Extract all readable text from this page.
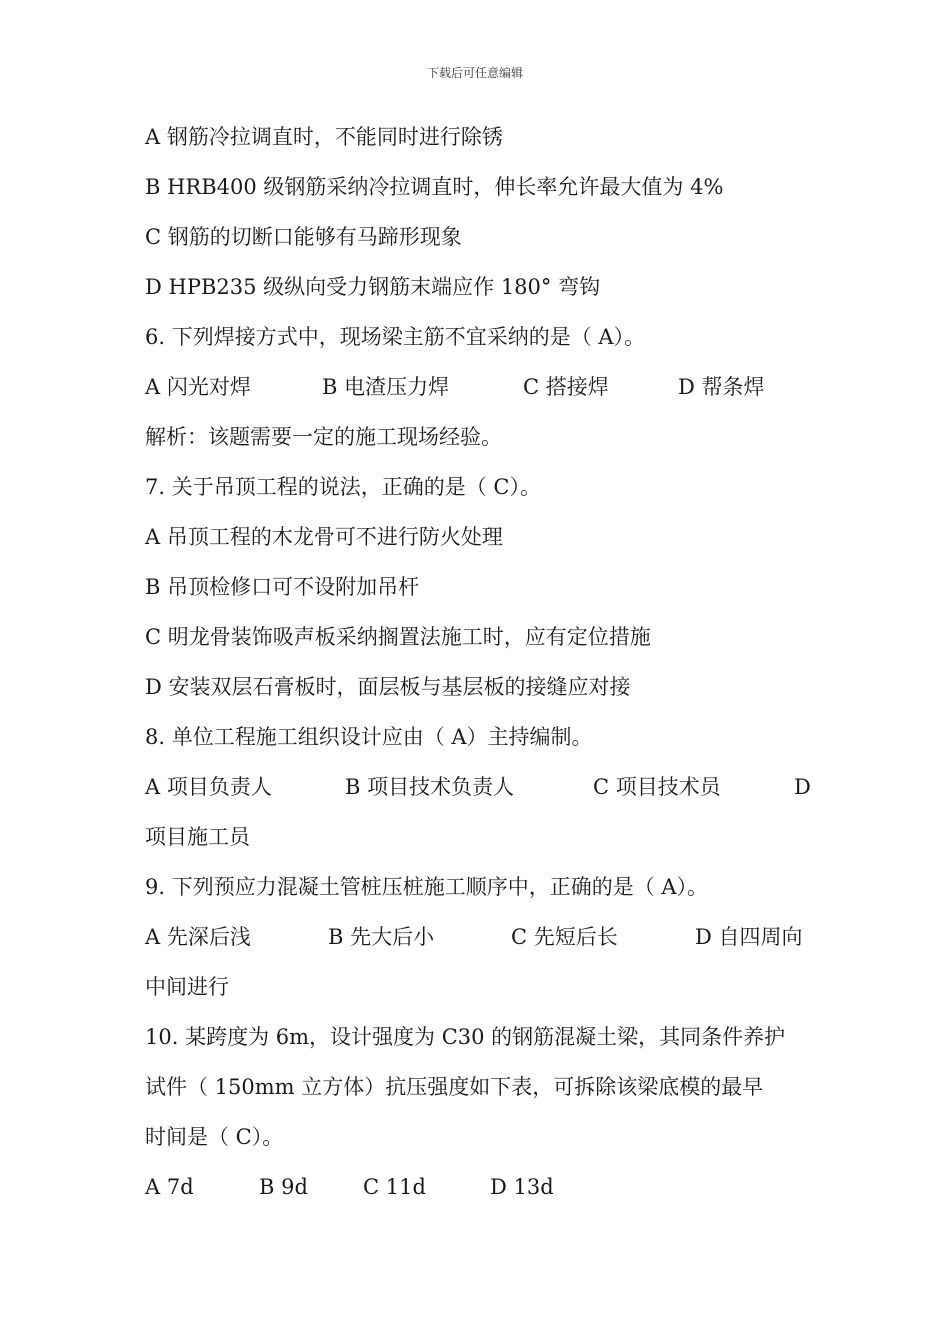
下载后可任意编辑
A 钢筋冷拉调直时，不能同时进行除锈
B HRB400 级钢筋采纳冷拉调直时，伸长率允许最大值为 4%
C 钢筋的切断口能够有马蹄形现象
D HPB235 级纵向受力钢筋末端应作 180° 弯钩
6. 下列焊接方式中，现场梁主筋不宜采纳的是（ A）。
A 闪光对焊	B 电渣压力焊	C 搭接焊	D 帮条焊
解析：该题需要一定的施工现场经验。
7. 关于吊顶工程的说法，正确的是（ C）。
A 吊顶工程的木龙骨可不进行防火处理
B 吊顶检修口可不设附加吊杆
C 明龙骨装饰吸声板采纳搁置法施工时，应有定位措施
D 安装双层石膏板时，面层板与基层板的接缝应对接
8. 单位工程施工组织设计应由（ A）主持编制。
A 项目负责人	B 项目技术负责人	C 项目技术员	D
项目施工员
9. 下列预应力混凝土管桩压桩施工顺序中，正确的是（ A）。
A 先深后浅	B 先大后小	C 先短后长	D 自四周向
中间进行
10. 某跨度为 6m，设计强度为 C30 的钢筋混凝土梁，其同条件养护
试件（ 150mm 立方体）抗压强度如下表，可拆除该梁底模的最早
时间是（ C）。
A 7d	B 9d	C 11d	D 13d
